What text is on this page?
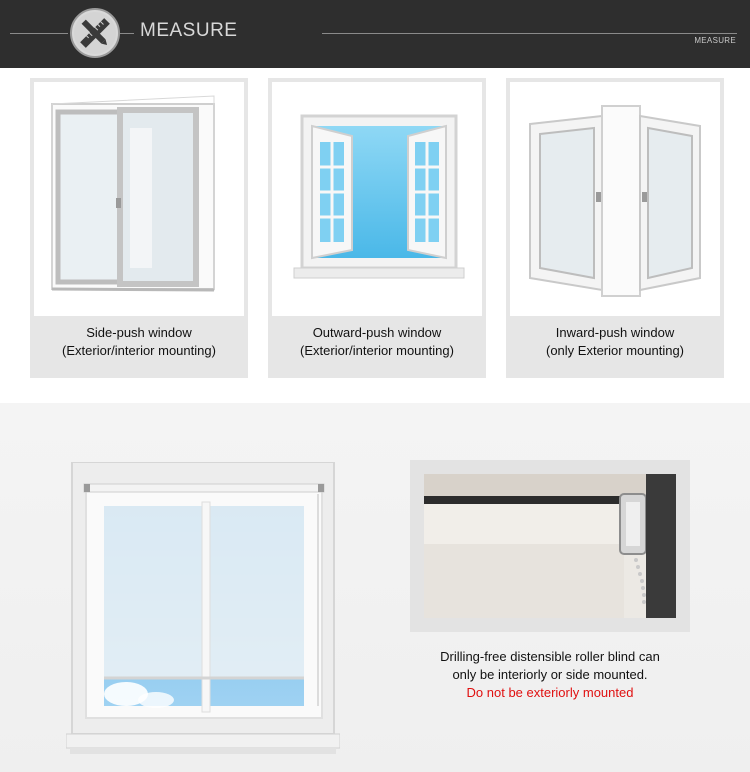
MEASURE	MEASURE
Side-push window
(Exterior/interior mounting)
Outward-push window
(Exterior/interior mounting)
Inward-push window
(only Exterior mounting)
Drilling-free distensible roller blind can
only be interiorly or side mounted.
Do not be exteriorly mounted
